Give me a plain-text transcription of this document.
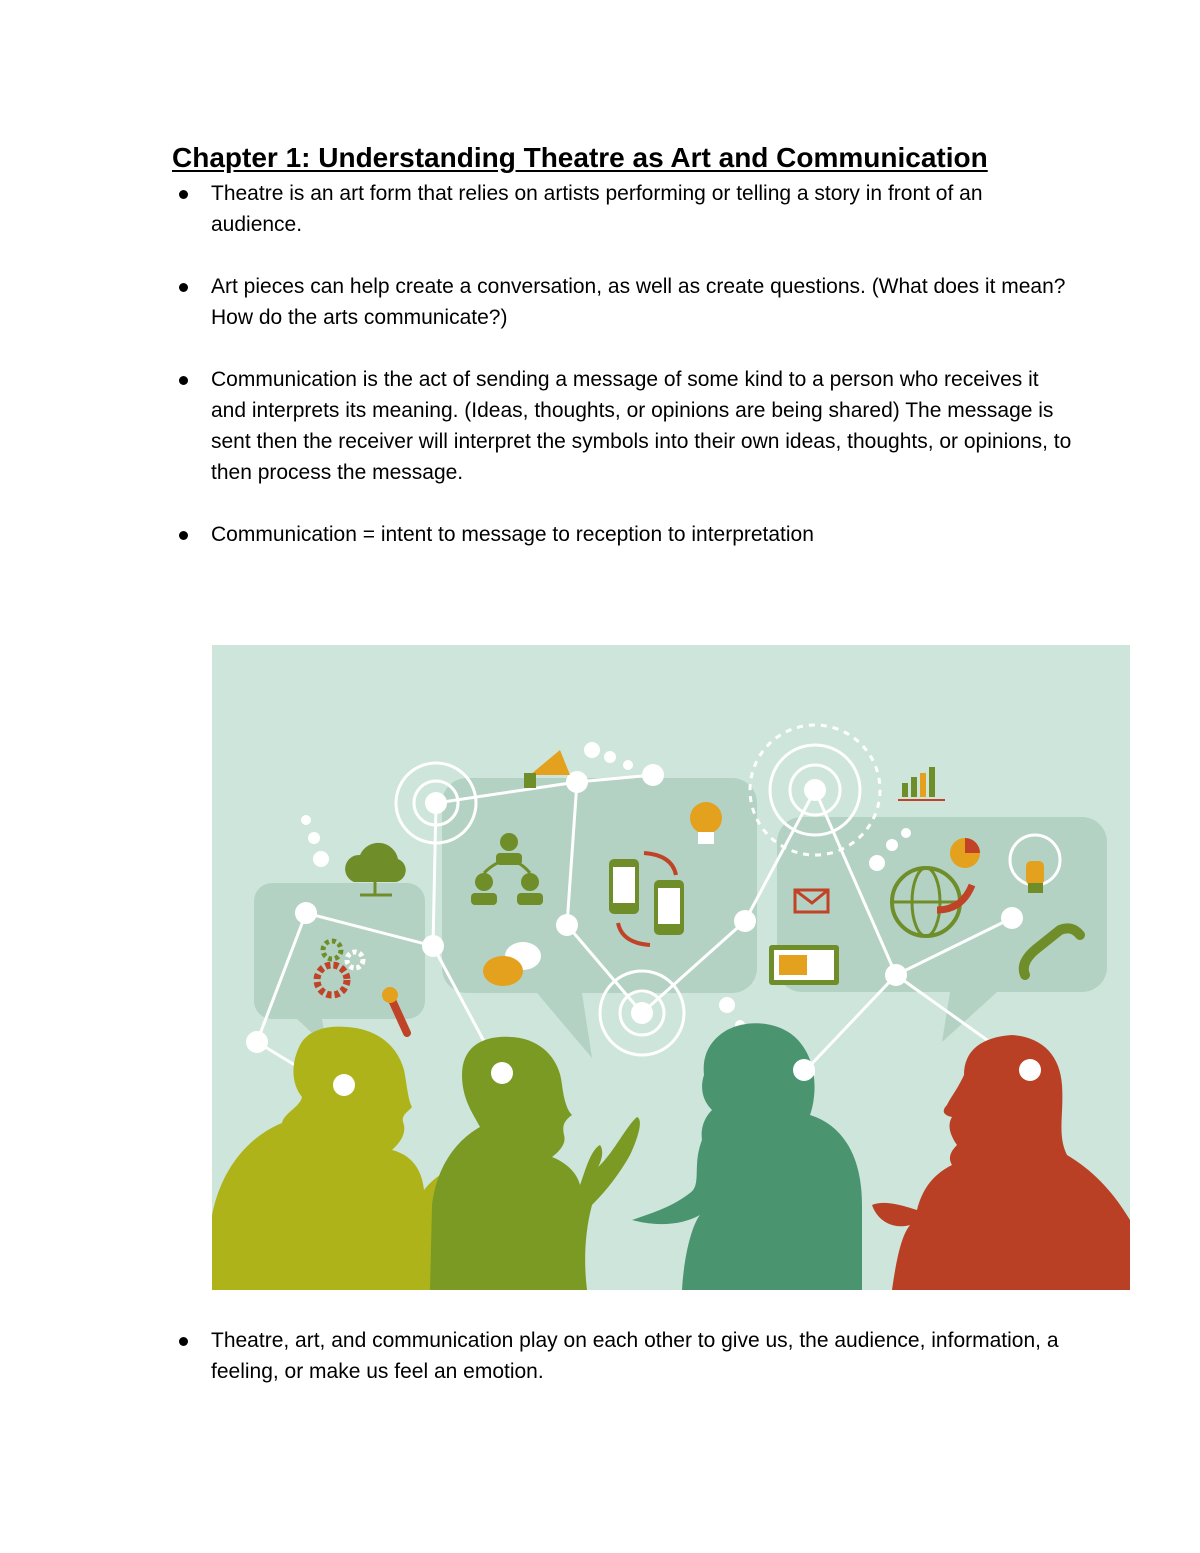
Chapter 1: Understanding Theatre as Art and Communication
Theatre is an art form that relies on artists performing or telling a story in front of an audience.
Art pieces can help create a conversation, as well as create questions. (What does it mean? How do the arts communicate?)
Communication is the act of sending a message of some kind to a person who receives it and interprets its meaning. (Ideas, thoughts, or opinions are being shared) The message is sent then the receiver will interpret the symbols into their own ideas, thoughts, or opinions, to then process the message.
Communication = intent to message to reception to interpretation
Theatre, art, and communication play on each other to give us, the audience, information, a feeling, or make us feel an emotion.
